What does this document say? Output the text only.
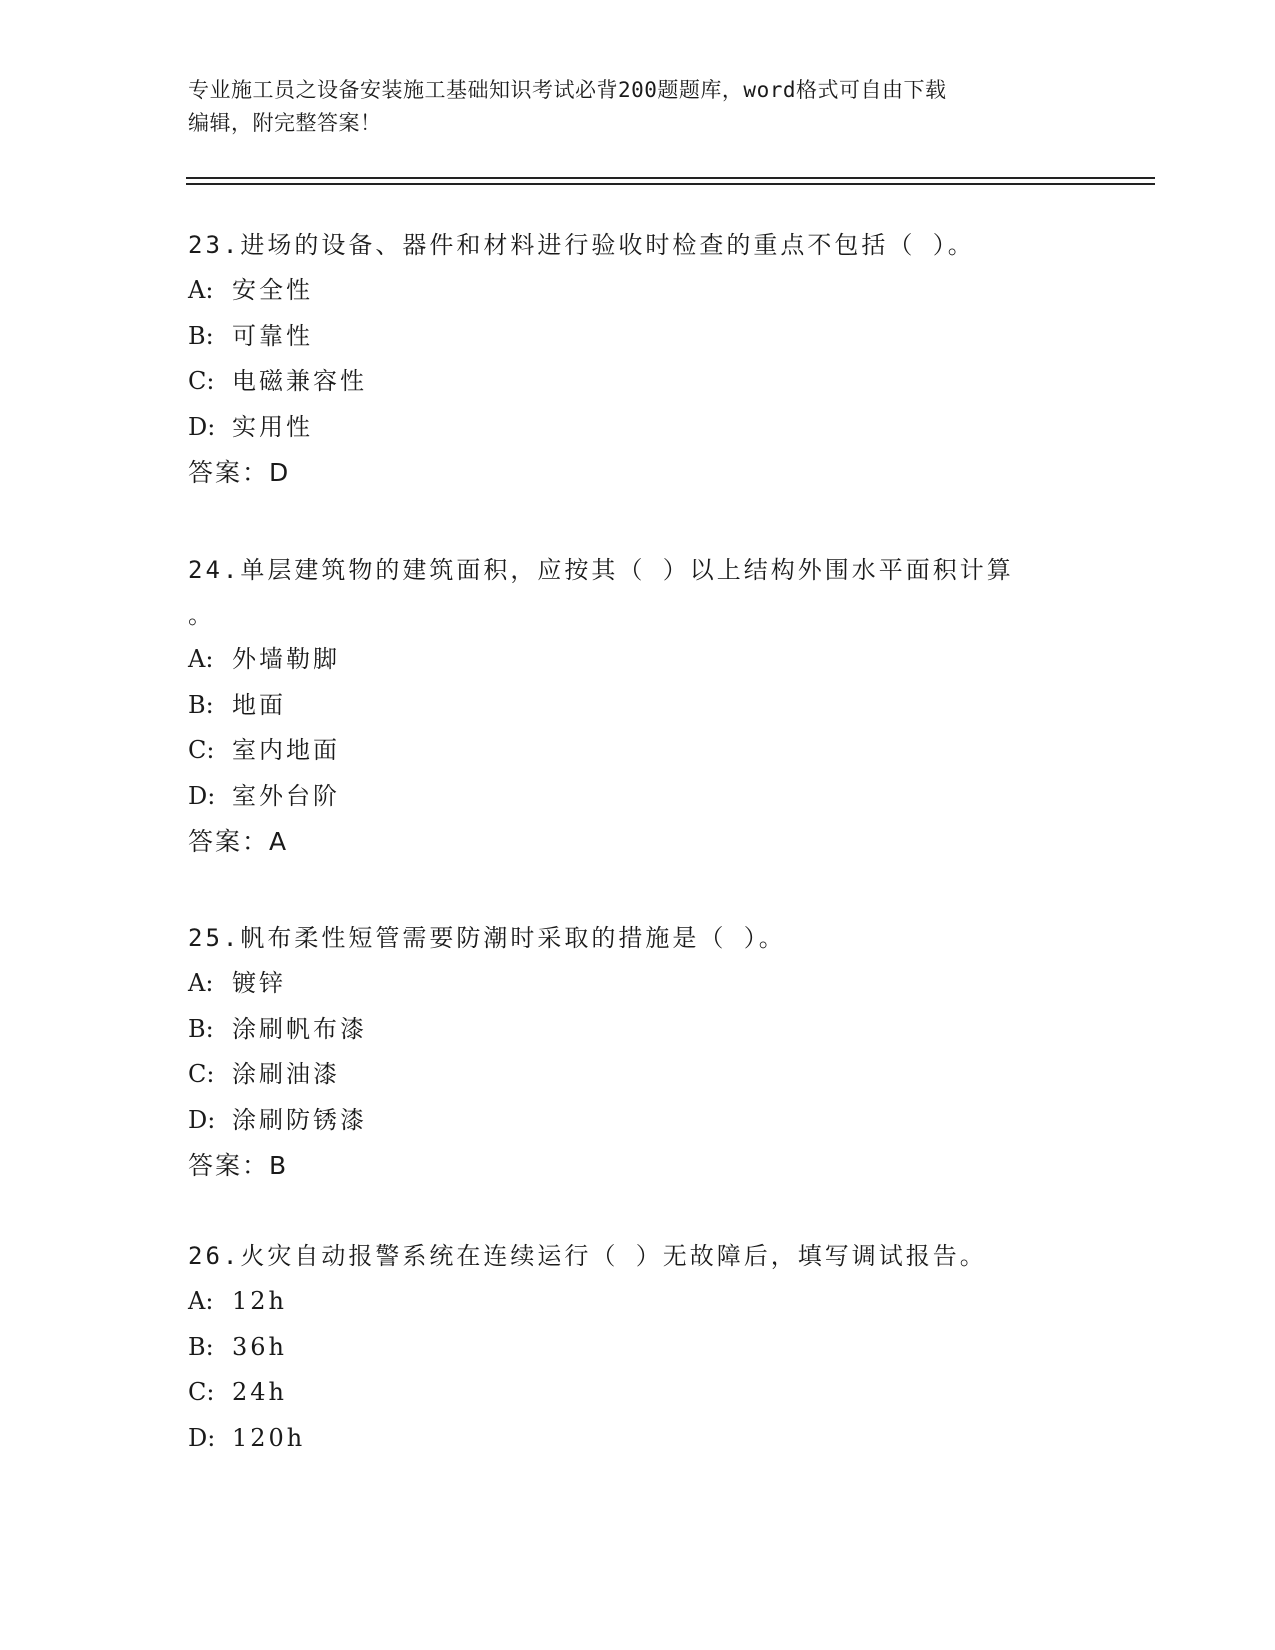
专业施工员之设备安装施工基础知识考试必背200题题库，word格式可自由下载
编辑，附完整答案！
23.进场的设备、器件和材料进行验收时检查的重点不包括（ ）。
A: 安全性
B: 可靠性
C: 电磁兼容性
D: 实用性
答案：D
24.单层建筑物的建筑面积，应按其（ ）以上结构外围水平面积计算
。
A: 外墙勒脚
B: 地面
C: 室内地面
D: 室外台阶
答案：A
25.帆布柔性短管需要防潮时采取的措施是（ ）。
A: 镀锌
B: 涂刷帆布漆
C: 涂刷油漆
D: 涂刷防锈漆
答案：B
26.火灾自动报警系统在连续运行（ ）无故障后，填写调试报告。
A: 12h
B: 36h
C: 24h
D: 120h
